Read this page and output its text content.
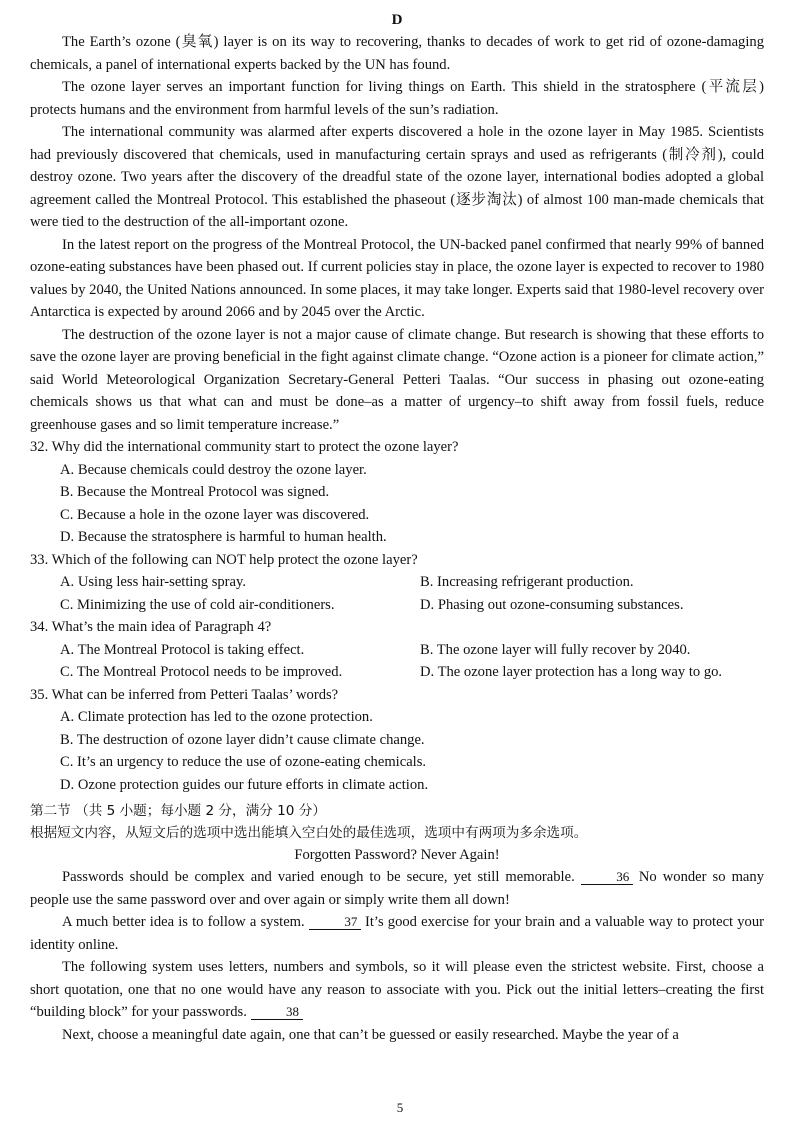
D

The Earth’s ozone (臭氧) layer is on its way to recovering, thanks to decades of work to get rid of ozone-damaging chemicals, a panel of international experts backed by the UN has found.

The ozone layer serves an important function for living things on Earth. This shield in the stratosphere (平流层) protects humans and the environment from harmful levels of the sun’s radiation.

The international community was alarmed after experts discovered a hole in the ozone layer in May 1985. Scientists had previously discovered that chemicals, used in manufacturing certain sprays and used as refrigerants (制冷剂), could destroy ozone. Two years after the discovery of the dreadful state of the ozone layer, international bodies adopted a global agreement called the Montreal Protocol. This established the phaseout (逐步淘汰) of almost 100 man-made chemicals that were tied to the destruction of the all-important ozone.

In the latest report on the progress of the Montreal Protocol, the UN-backed panel confirmed that nearly 99% of banned ozone-eating substances have been phased out. If current policies stay in place, the ozone layer is expected to recover to 1980 values by 2040, the United Nations announced. In some places, it may take longer. Experts said that 1980-level recovery over Antarctica is expected by around 2066 and by 2045 over the Arctic.

The destruction of the ozone layer is not a major cause of climate change. But research is showing that these efforts to save the ozone layer are proving beneficial in the fight against climate change. “Ozone action is a pioneer for climate action,” said World Meteorological Organization Secretary-General Petteri Taalas. “Our success in phasing out ozone-eating chemicals shows us that what can and must be done–as a matter of urgency–to shift away from fossil fuels, reduce greenhouse gases and so limit temperature increase.”

32. Why did the international community start to protect the ozone layer?

A. Because chemicals could destroy the ozone layer.

B. Because the Montreal Protocol was signed.

C. Because a hole in the ozone layer was discovered.

D. Because the stratosphere is harmful to human health.

33. Which of the following can NOT help protect the ozone layer?

A. Using less hair-setting spray.	B. Increasing refrigerant production.
C. Minimizing the use of cold air-conditioners.	D. Phasing out ozone-consuming substances.

34. What’s the main idea of Paragraph 4?

A. The Montreal Protocol is taking effect.	B. The ozone layer will fully recover by 2040.
C. The Montreal Protocol needs to be improved.	D. The ozone layer protection has a long way to go.

35. What can be inferred from Petteri Taalas’ words?

A. Climate protection has led to the ozone protection.

B. The destruction of ozone layer didn’t cause climate change.

C. It’s an urgency to reduce the use of ozone-eating chemicals.

D. Ozone protection guides our future efforts in climate action.

第二节 （共 5 小题；每小题 2 分，满分 10 分）

根据短文内容，从短文后的选项中选出能填入空白处的最佳选项，选项中有两项为多余选项。

Forgotten Password? Never Again!

Passwords should be complex and varied enough to be secure, yet still memorable.	36 No wonder so many people use the same password over and over again or simply write them all down!

A much better idea is to follow a system.	37 It’s good exercise for your brain and a valuable way to protect your identity online.

The following system uses letters, numbers and symbols, so it will please even the strictest website. First, choose a short quotation, one that no one would have any reason to associate with you. Pick out the initial letters–creating the first “building block” for your passwords.	38

Next, choose a meaningful date again, one that can’t be guessed or easily researched. Maybe the year of a

5
